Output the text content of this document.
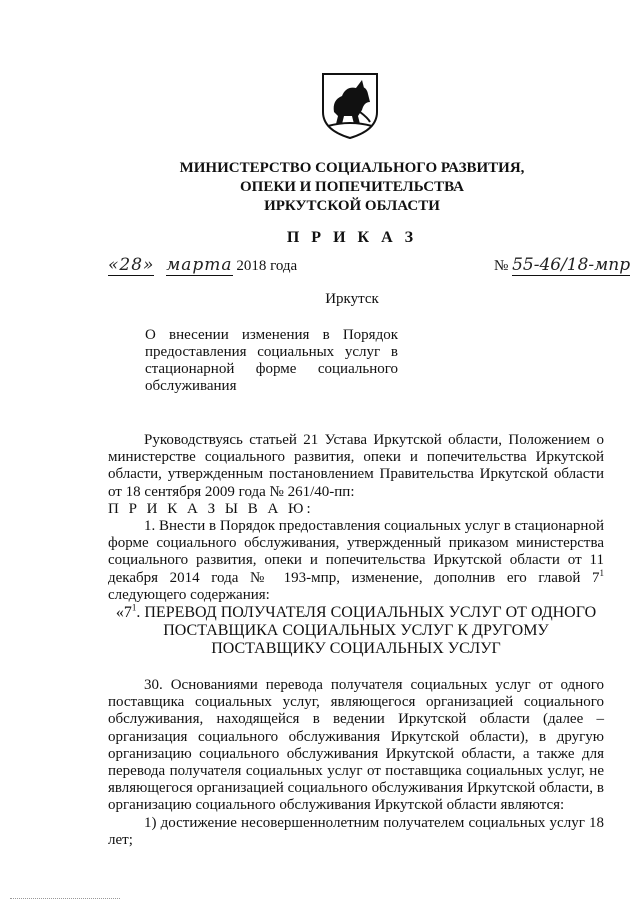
МИНИСТЕРСТВО СОЦИАЛЬНОГО РАЗВИТИЯ,
ОПЕКИ И ПОПЕЧИТЕЛЬСТВА
ИРКУТСКОЙ ОБЛАСТИ
П Р И К А З
«28» марта 2018 года	№ 55-46/18-мпр
Иркутск
О внесении изменения в Порядок предоставления социальных услуг в стационарной форме социального обслуживания

Руководствуясь статьей 21 Устава Иркутской области, Положением о министерстве социального развития, опеки и попечительства Иркутской области, утвержденным постановлением Правительства Иркутской области от 18 сентября 2009 года № 261/40-пп:

П Р И К А З Ы В А Ю:

1. Внести в Порядок предоставления социальных услуг в стационарной форме социального обслуживания, утвержденный приказом министерства социального развития, опеки и попечительства Иркутской области от 11 декабря 2014 года № 193-мпр, изменение, дополнив его главой $7^1$ следующего содержания:

«$7^1$. ПЕРЕВОД ПОЛУЧАТЕЛЯ СОЦИАЛЬНЫХ УСЛУГ ОТ ОДНОГО ПОСТАВЩИКА СОЦИАЛЬНЫХ УСЛУГ К ДРУГОМУ ПОСТАВЩИКУ СОЦИАЛЬНЫХ УСЛУГ

30. Основаниями перевода получателя социальных услуг от одного поставщика социальных услуг, являющегося организацией социального обслуживания, находящейся в ведении Иркутской области (далее – организация социального обслуживания Иркутской области), в другую организацию социального обслуживания Иркутской области, а также для перевода получателя социальных услуг от поставщика социальных услуг, не являющегося организацией социального обслуживания Иркутской области, в организацию социального обслуживания Иркутской области являются:

1) достижение несовершеннолетним получателем социальных услуг 18 лет;
